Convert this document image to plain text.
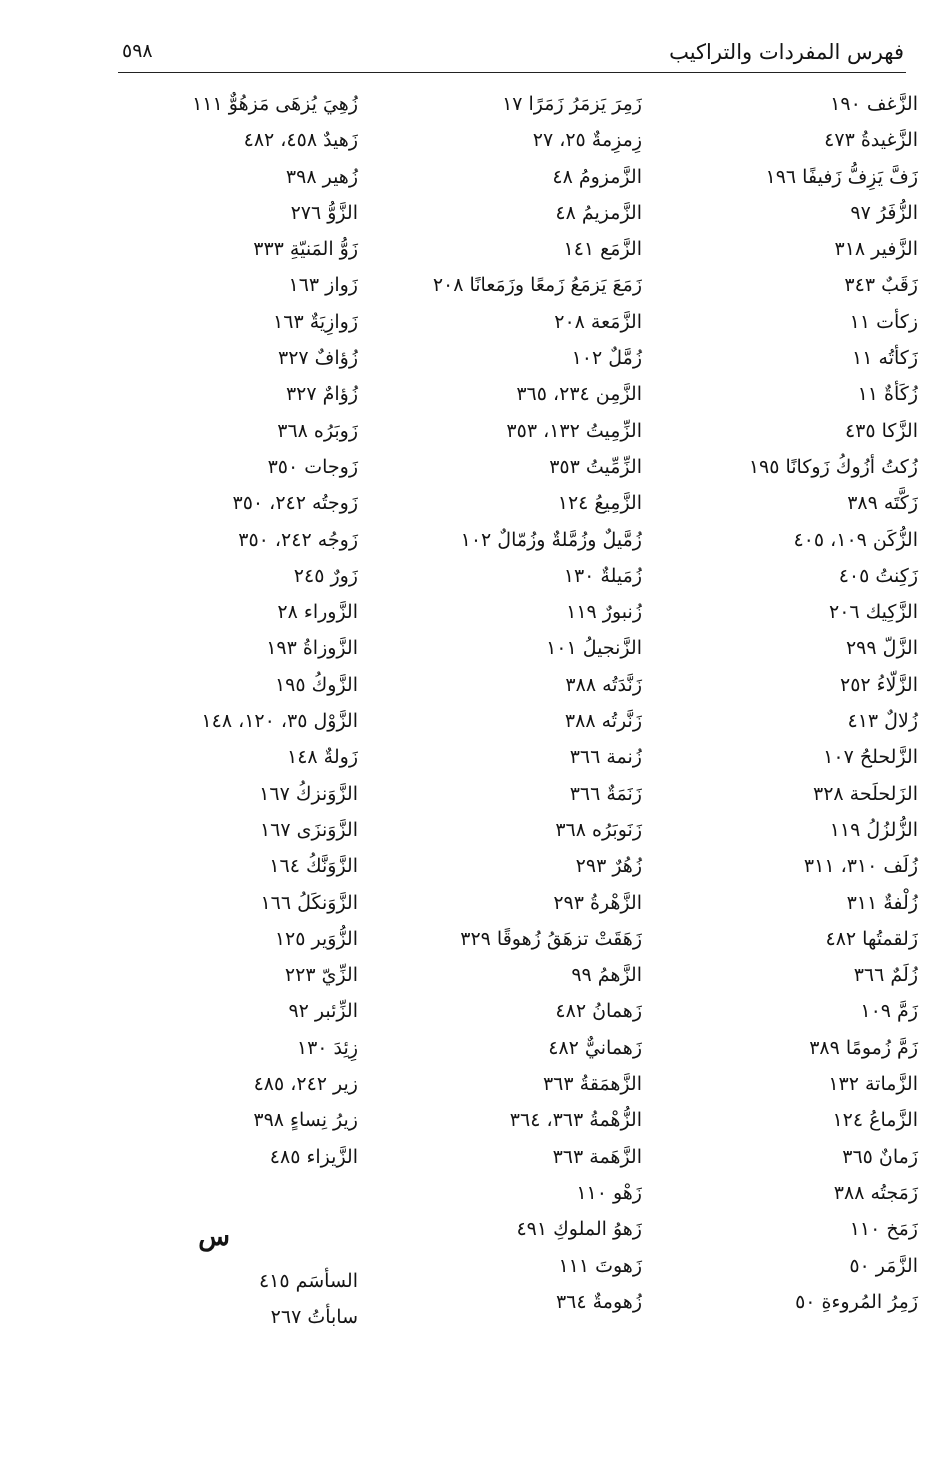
فهرس المفردات والتراكيب
٥٩٨
الزَّغف ١٩٠
الزَّغيدةُ ٤٧٣
زَفَّ يَزِفُّ زَفيفًا ١٩٦
الزُّفَرُ ٩٧
الزَّفير ٣١٨
زَقَبٌ ٣٤٣
زكأت ١١
زَكأتُه ١١
زُكَأةٌ ١١
الزَّكا ٤٣٥
زُكتُ أزُوكُ زَوكانًا ١٩٥
زَكَّتَه ٣٨٩
الزُّكَن ١٠٩، ٤٠٥
زَكِنتُ ٤٠٥
الزَّكِيك ٢٠٦
الزَّلّ ٢٩٩
الزَّلّاءُ ٢٥٢
زُلالٌ ٤١٣
الزَّلحلحُ ١٠٧
الزَلحلَحة ٣٢٨
الزُّلزُلُ ١١٩
زُلَف ٣١٠، ٣١١
زُلْفةٌ ٣١١
زَلقمتُها ٤٨٢
زُلَمٌ ٣٦٦
زَمَّ ١٠٩
زَمَّ زُمومًا ٣٨٩
الزَّماتة ١٣٢
الزَّماعُ ١٢٤
زَمانٌ ٣٦٥
زَمَجتُه ٣٨٨
زَمَخ ١١٠
الزَّمَر ٥٠
زَمِرُ المُروءةِ ٥٠
زَمِرَ يَزمَرُ زَمَرًا ١٧
زِمزِمةٌ ٢٥، ٢٧
الزَّمزومُ ٤٨
الزَّمزيمُ ٤٨
الزَّمَع ١٤١
زَمَعَ يَزمَعُ زَمعًا وزَمَعانًا ٢٠٨
الزَّمَعة ٢٠٨
زُمَّلٌ ١٠٢
الزَّمِن ٢٣٤، ٣٦٥
الزِّمِيتُ ١٣٢، ٣٥٣
الزِّمِّيتُ ٣٥٣
الزَّمِيعُ ١٢٤
زُمَّيلٌ وزُمَّلةٌ وزُمّالٌ ١٠٢
زُمَيلةٌ ١٣٠
زُنبورٌ ١١٩
الزَّنجيلُ ١٠١
زَنَّدَتُه ٣٨٨
زَنَّرتُه ٣٨٨
زُنمة ٣٦٦
زَنَمَةٌ ٣٦٦
زَنَوبَرُه ٣٦٨
زُهُرٌ ٢٩٣
الزَّهْرةُ ٢٩٣
زَهَقَتْ تزهَقُ زُهوقًا ٣٢٩
الزَّهمُ ٩٩
زَهمانُ ٤٨٢
زَهمانيٌّ ٤٨٢
الزَّهمَقةُ ٣٦٣
الزُّهْمةُ ٣٦٣، ٣٦٤
الزَّهَمة ٣٦٣
زَهْو ١١٠
زَهوُ الملوكِ ٤٩١
زَهوتَ ١١١
زُهومةٌ ٣٦٤
زُهِيَ يُزهَى مَزهُوٌّ ١١١
زَهيدٌ ٤٥٨، ٤٨٢
زُهير ٣٩٨
الزَّوُّ ٢٧٦
زَوُّ المَنيّةِ ٣٣٣
زَواز ١٦٣
زَوازِيَةٌ ١٦٣
زُؤافٌ ٣٢٧
زُؤامٌ ٣٢٧
زَوبَرُه ٣٦٨
زَوجات ٣٥٠
زَوجتُه ٢٤٢، ٣٥٠
زَوجُه ٢٤٢، ٣٥٠
زَورٌ ٢٤٥
الزَّوراء ٢٨
الزَّوزاةُ ١٩٣
الزَّوكُ ١٩٥
الزَّوْل ٣٥، ١٢٠، ١٤٨
زَولةٌ ١٤٨
الزَّوَنزكُ ١٦٧
الزَّوَنزَى ١٦٧
الزَّوَنَّكُ ١٦٤
الزَّوَنكَلُ ١٦٦
الزُّوَير ١٢٥
الزِّيّ ٢٢٣
الزِّئبر ٩٢
زِئِدَ ١٣٠
زير ٢٤٢، ٤٨٥
زيرُ نِساءٍ ٣٩٨
الزَّيزاء ٤٨٥
س
السأسَم ٤١٥
سابأتُ ٢٦٧
